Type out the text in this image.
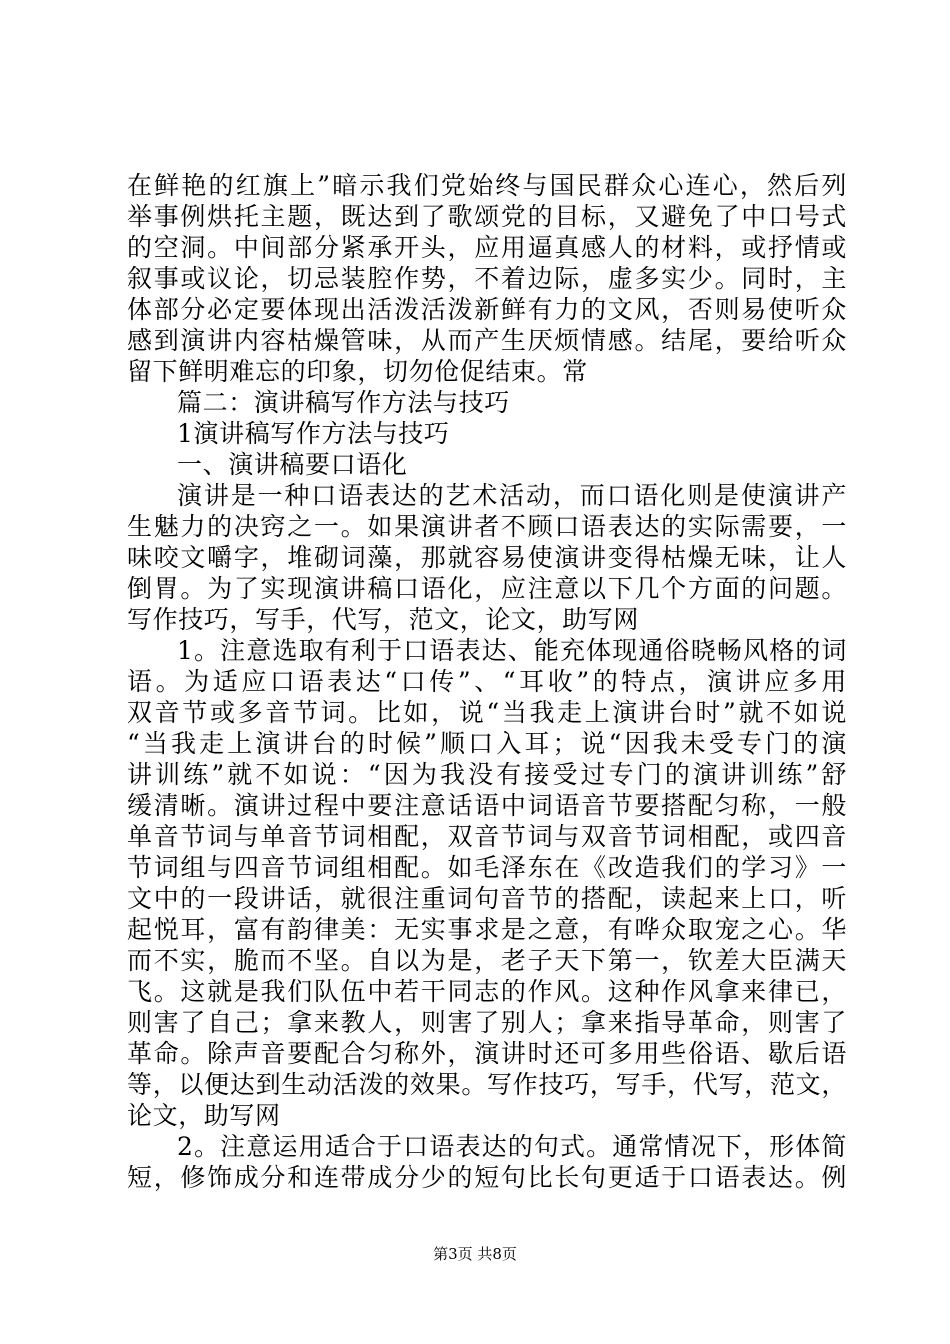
在鲜艳的红旗上”暗示我们党始终与国民群众心连心，然后列
举事例烘托主题，既达到了歌颂党的目标，又避免了中口号式
的空洞。中间部分紧承开头，应用逼真感人的材料，或抒情或
叙事或议论，切忌装腔作势，不着边际，虚多实少。同时，主
体部分必定要体现出活泼活泼新鲜有力的文风，否则易使听众
感到演讲内容枯燥管味，从而产生厌烦情感。结尾，要给听众
留下鲜明难忘的印象，切勿伧促结束。常
篇二：演讲稿写作方法与技巧
1演讲稿写作方法与技巧
一、演讲稿要口语化
演讲是一种口语表达的艺术活动，而口语化则是使演讲产
生魅力的决窍之一。如果演讲者不顾口语表达的实际需要，一
味咬文嚼字，堆砌词藻，那就容易使演讲变得枯燥无味，让人
倒胃。为了实现演讲稿口语化，应注意以下几个方面的问题。
写作技巧，写手，代写，范文，论文，助写网
1。注意选取有利于口语表达、能充体现通俗晓畅风格的词
语。为适应口语表达“口传”、“耳收”的特点，演讲应多用
双音节或多音节词。比如，说“当我走上演讲台时”就不如说
“当我走上演讲台的时候”顺口入耳；说“因我未受专门的演
讲训练”就不如说：“因为我没有接受过专门的演讲训练”舒
缓清晰。演讲过程中要注意话语中词语音节要搭配匀称，一般
单音节词与单音节词相配，双音节词与双音节词相配，或四音
节词组与四音节词组相配。如毛泽东在《改造我们的学习》一
文中的一段讲话，就很注重词句音节的搭配，读起来上口，听
起悦耳，富有韵律美：无实事求是之意，有哗众取宠之心。华
而不实，脆而不坚。自以为是，老子天下第一，钦差大臣满天
飞。这就是我们队伍中若干同志的作风。这种作风拿来律已，
则害了自己；拿来教人，则害了别人；拿来指导革命，则害了
革命。除声音要配合匀称外，演讲时还可多用些俗语、歇后语
等，以便达到生动活泼的效果。写作技巧，写手，代写，范文，
论文，助写网
2。注意运用适合于口语表达的句式。通常情况下，形体简
短，修饰成分和连带成分少的短句比长句更适于口语表达。例
第3页 共8页
